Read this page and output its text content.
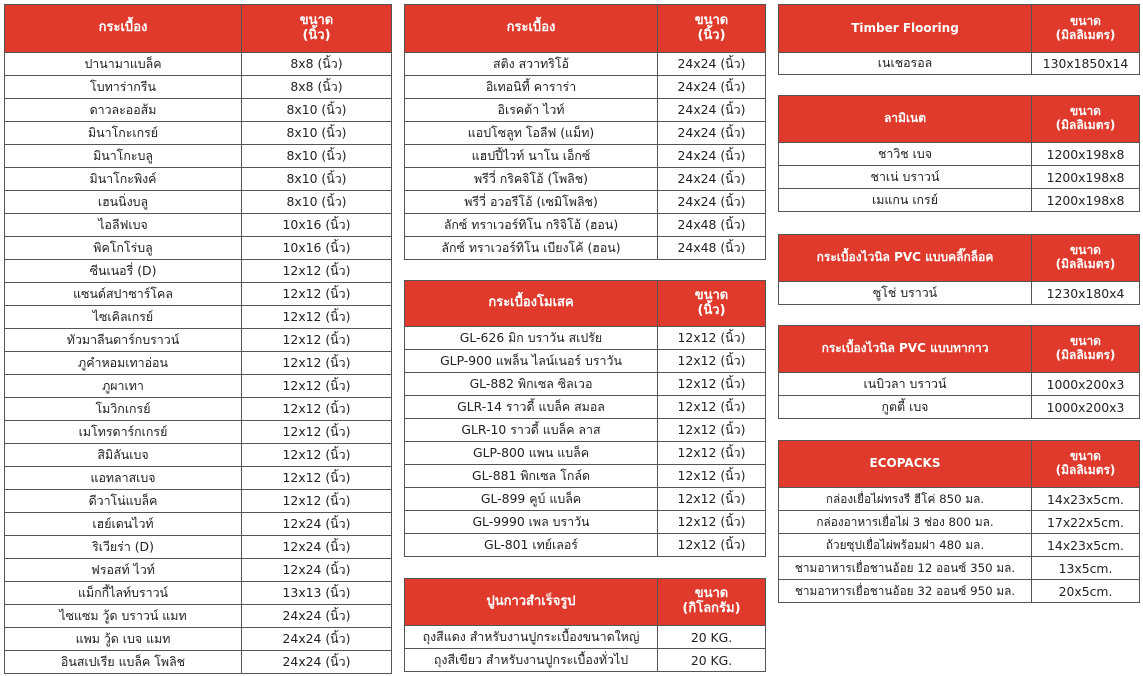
กระเบื้อง	ขนาด
(นิ้ว)
ปานามาแบล็ค	8x8 (นิ้ว)
โบทาร่ากรีน	8x8 (นิ้ว)
ดาวละออส้ม	8x10 (นิ้ว)
มินาโกะเกรย์	8x10 (นิ้ว)
มินาโกะบลู	8x10 (นิ้ว)
มินาโกะพิงค์	8x10 (นิ้ว)
เฮนนิ่งบลู	8x10 (นิ้ว)
ไอลีฟเบจ	10x16 (นิ้ว)
พิคโกโร่บลู	10x16 (นิ้ว)
ซีนเนอรี่ (D)	12x12 (นิ้ว)
แซนด์สปาซาร์โคล	12x12 (นิ้ว)
ไซเคิลเกรย์	12x12 (นิ้ว)
ทัวมาลีนดาร์กบราวน์	12x12 (นิ้ว)
ภูคำหอมเทาอ่อน	12x12 (นิ้ว)
ภูผาเทา	12x12 (นิ้ว)
โมวิกเกรย์	12x12 (นิ้ว)
เมโทรดาร์กเกรย์	12x12 (นิ้ว)
สิมิลันเบจ	12x12 (นิ้ว)
แอทลาสเบจ	12x12 (นิ้ว)
ดีวาโน่แบล็ค	12x12 (นิ้ว)
เฮย์เดนไวท์	12x24 (นิ้ว)
ริเวียร่า (D)	12x24 (นิ้ว)
ฟรอสท์ ไวท์	12x24 (นิ้ว)
แม็กกี้ไลท์บราวน์	13x13 (นิ้ว)
ไซแซม วู้ด บราวน์ แมท	24x24 (นิ้ว)
แพม วู้ด เบจ แมท	24x24 (นิ้ว)
อินสเปเรีย แบล็ค โพลิช	24x24 (นิ้ว)
กระเบื้อง	ขนาด
(นิ้ว)
สติง สวาทริโอ้	24x24 (นิ้ว)
อิเทอนิที้ คาราร่า	24x24 (นิ้ว)
อิเรคต้า ไวท์	24x24 (นิ้ว)
แอปโซลูท โอลีฟ (แม็ท)	24x24 (นิ้ว)
แฮปปี้ไวท์ นาโน เอ็กซ์	24x24 (นิ้ว)
พรีวี่ กริคจิโอ้ (โพลิช)	24x24 (นิ้ว)
พรีวี่ อวอรีโอ้ (เซมิโพลิช)	24x24 (นิ้ว)
ลักซ์ ทราเวอร์ทิโน กริจิโอ้ (ฮอน)	24x48 (นิ้ว)
ลักซ์ ทราเวอร์ทิโน เบียงโค้ (ฮอน)	24x48 (นิ้ว)
กระเบื้องโมเสค	ขนาด
(นิ้ว)
GL-626 มิก บราวัน สเปรัย	12x12 (นิ้ว)
GLP-900 แพล็น ไลน์เนอร์ บราวัน	12x12 (นิ้ว)
GL-882 พิกเซล ซิลเวอ	12x12 (นิ้ว)
GLR-14 ราวดี้ แบล็ค สมอล	12x12 (นิ้ว)
GLR-10 ราวดี้ แบล็ค ลาส	12x12 (นิ้ว)
GLP-800 แพน แบล็ค	12x12 (นิ้ว)
GL-881 พิกเซล โกล์ด	12x12 (นิ้ว)
GL-899 คูบ์ แบล็ค	12x12 (นิ้ว)
GL-9990 เพล บราวัน	12x12 (นิ้ว)
GL-801 เทย์เลอร์	12x12 (นิ้ว)
ปูนกาวสำเร็จรูป	ขนาด
(กิโลกรัม)
ถุงสีแดง สำหรับงานปูกระเบื้องขนาดใหญ่	20 KG.
ถุงสีเขียว สำหรับงานปูกระเบื้องทั่วไป	20 KG.
Timber Flooring	ขนาด
(มิลลิเมตร)
เนเชอรอล	130x1850x14
ลามิเนต	ขนาด
(มิลลิเมตร)
ชาวิช เบจ	1200x198x8
ชาเน่ บราวน์	1200x198x8
เมแกน เกรย์	1200x198x8
กระเบื้องไวนิล PVC แบบคลิ๊กล็อค	ขนาด
(มิลลิเมตร)
ซูโช่ บราวน์	1230x180x4
กระเบื้องไวนิล PVC แบบทากาว	ขนาด
(มิลลิเมตร)
เนบิวลา บราวน์	1000x200x3
กูตตี้ เบจ	1000x200x3
ECOPACKS	ขนาด
(มิลลิเมตร)
กล่องเยื่อไผ่ทรงรี ฮีโค่ 850 มล.	14x23x5cm.
กล่องอาหารเยื่อไผ่ 3 ช่อง 800 มล.	17x22x5cm.
ถ้วยซุปเยื่อไผ่พร้อมฝา 480 มล.	14x23x5cm.
ชามอาหารเยื่อชานอ้อย 12 ออนซ์ 350 มล.	13x5cm.
ชามอาหารเยื่อชานอ้อย 32 ออนซ์ 950 มล.	20x5cm.
